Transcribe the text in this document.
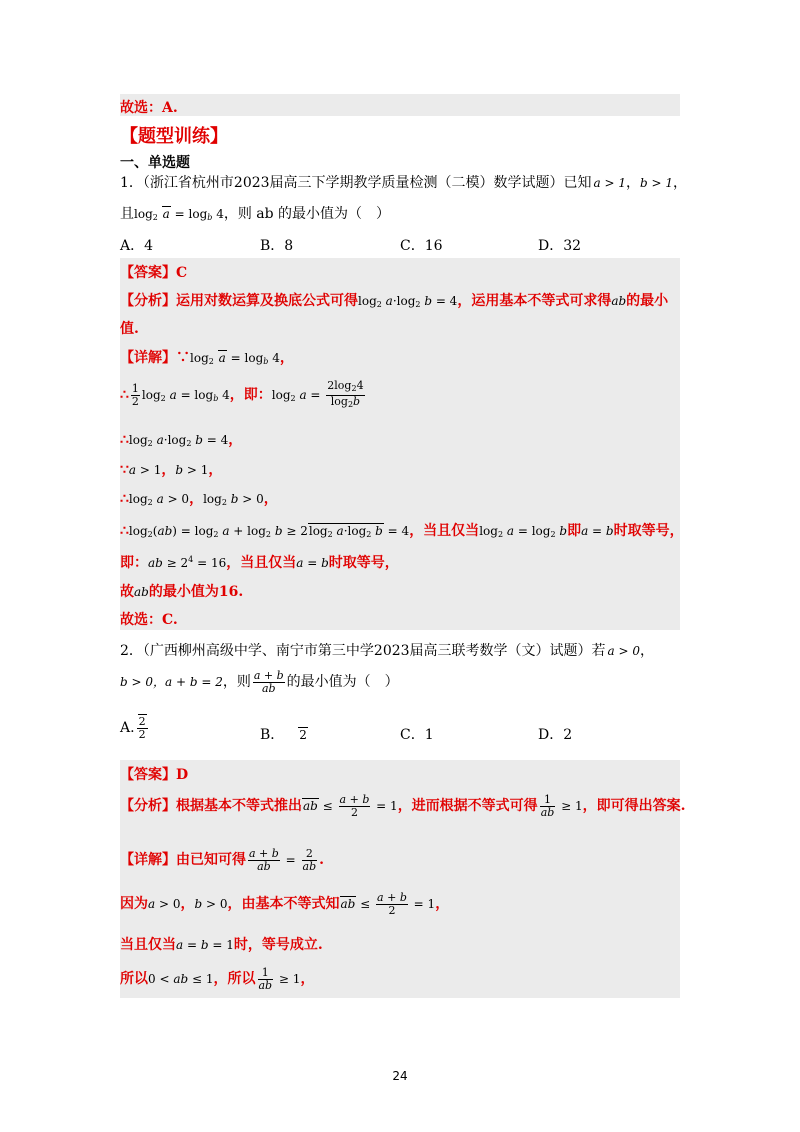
故选：A.
【题型训练】
一、单选题
1．（浙江省杭州市2023届高三下学期教学质量检测（二模）数学试题）已知 a > 1，b > 1，
且$\log_2 a = \log_b 4$，则 ab 的最小值为（　）
A．4	B．8	C．16	D．32
【答案】C
【分析】运用对数运算及换底公式可得$\log_2 a\cdot\log_2$ b = 4，运用基本不等式可求得ab的最小
值.
【详解】$\because\log_2$ $a = \log_b 4$，
∴ $\frac{1}{2} \log_2 a = \log_b 4$，即：$\log_2 a = \frac{2\log_24}{\log_2b}$
$\therefore\log_2$ $a\cdot\log_2$ b = 4，
∵a > 1，b > 1，
$\therefore\log_2$ a > 0，$\log_2 b > 0$，
$\therefore\log_2(ab) = \log_2 a + \log_2 b \ge 2\log_2$ $a\cdot\log_2$ b = 4，当且仅当$\log_2 a = \log_2 b$即a = b时取等号，
即：ab ≥ $2^4 = 16$，当且仅当a = b时取等号，
故ab的最小值为16.
故选：C.
2．（广西柳州高级中学、南宁市第三中学2023届高三联考数学（文）试题）若 a > 0，
b > 0，a + b = 2，则 $\frac{a + b}{ab}$ 的最小值为（　）
A. $\frac{2}{2}$	B． 2	C．1	D．2
【答案】D
【分析】根据基本不等式推出ab ≤ $\frac{a + b}{2} = 1$，进而根据不等式可得 $\frac{1}{ab} \ge 1$，即可得出答案.
【详解】由已知可得 $\frac{a + b}{ab} = \frac{2}{ab}$ .
因为a > 0，b > 0，由基本不等式知ab ≤ $\frac{a + b}{2} = 1$，
当且仅当a = b = 1时，等号成立.
所以0 < ab ≤ 1，所以 $\frac{1}{ab} \ge 1$，
24
